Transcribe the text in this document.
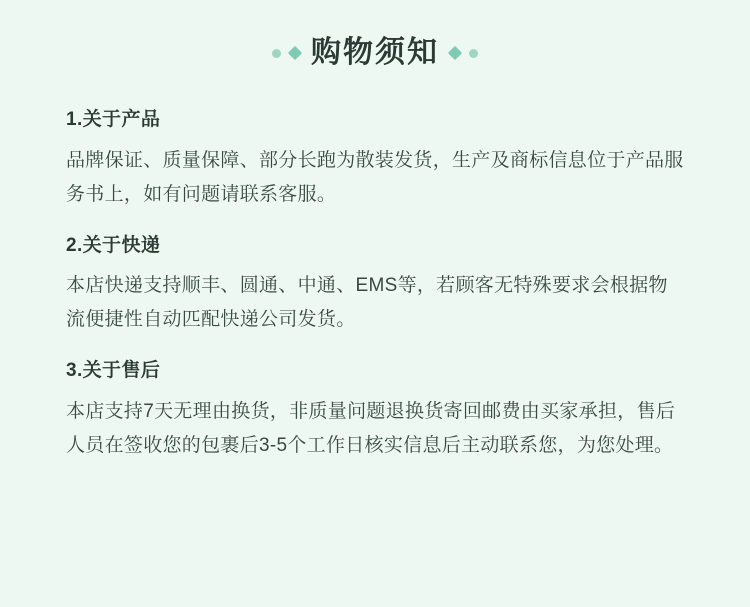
购物须知
1.关于产品

品牌保证、质量保障、部分长跑为散装发货，生产及商标信息位于产品服务书上，如有问题请联系客服。

2.关于快递

本店快递支持顺丰、圆通、中通、EMS等，若顾客无特殊要求会根据物流便捷性自动匹配快递公司发货。

3.关于售后

本店支持7天无理由换货，非质量问题退换货寄回邮费由买家承担，售后人员在签收您的包裹后3-5个工作日核实信息后主动联系您，为您处理。
